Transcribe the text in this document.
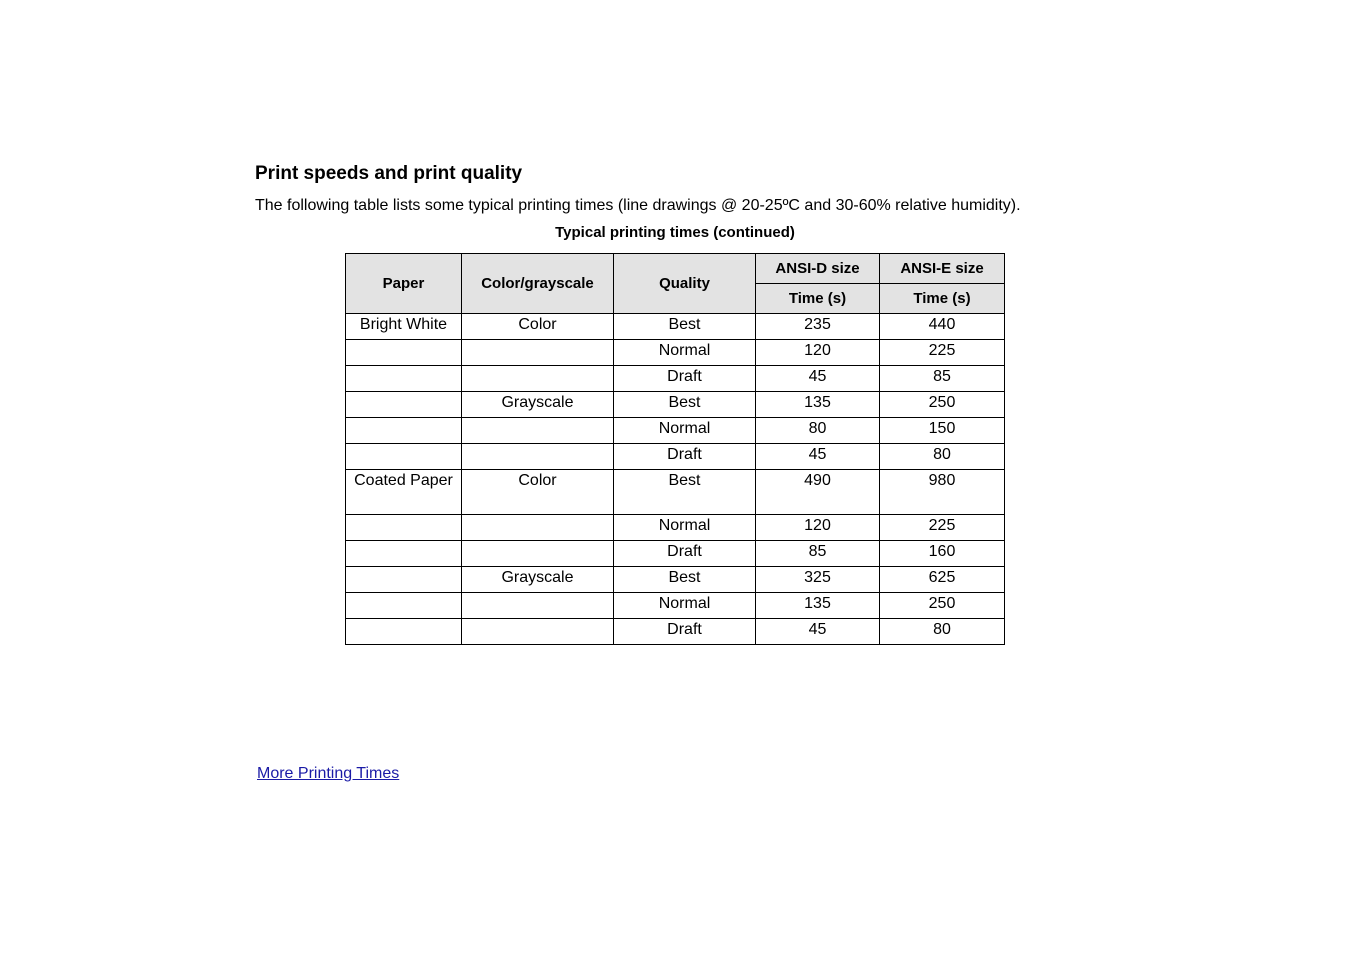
Print speeds and print quality

The following table lists some typical printing times (line drawings @ 20-25ºC and 30-60% relative humidity).

Typical printing times (continued)

Paper	Color/grayscale	Quality	ANSI-D size	ANSI-E size
			Time (s)	Time (s)
Bright White	Color	Best	235	440
		Normal	120	225
		Draft	45	85
	Grayscale	Best	135	250
		Normal	80	150
		Draft	45	80
Coated Paper	Color	Best	490	980
		Normal	120	225
		Draft	85	160
	Grayscale	Best	325	625
		Normal	135	250
		Draft	45	80
More Printing Times
